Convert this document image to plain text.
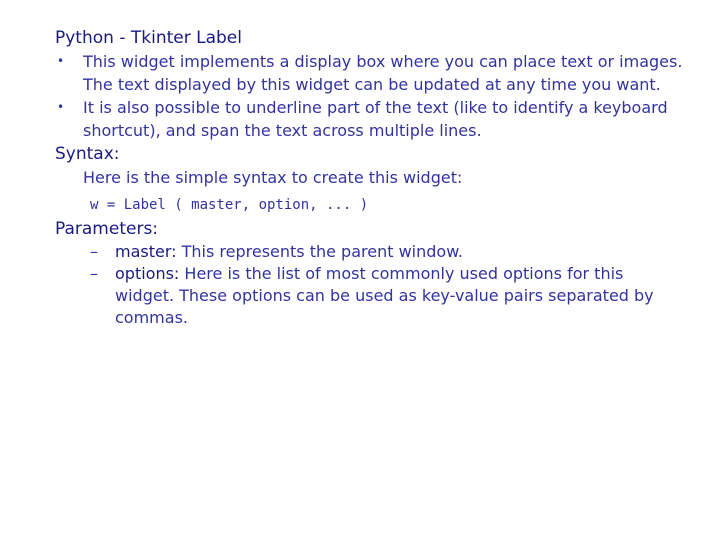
Python - Tkinter Label
• This widget implements a display box where you can place text or images. The text displayed by this widget can be updated at any time you want.
• It is also possible to underline part of the text (like to identify a keyboard shortcut), and span the text across multiple lines.
Syntax:
Here is the simple syntax to create this widget:
w = Label ( master, option, ... )
Parameters:
– master: This represents the parent window.
– options: Here is the list of most commonly used options for this widget. These options can be used as key-value pairs separated by commas.
